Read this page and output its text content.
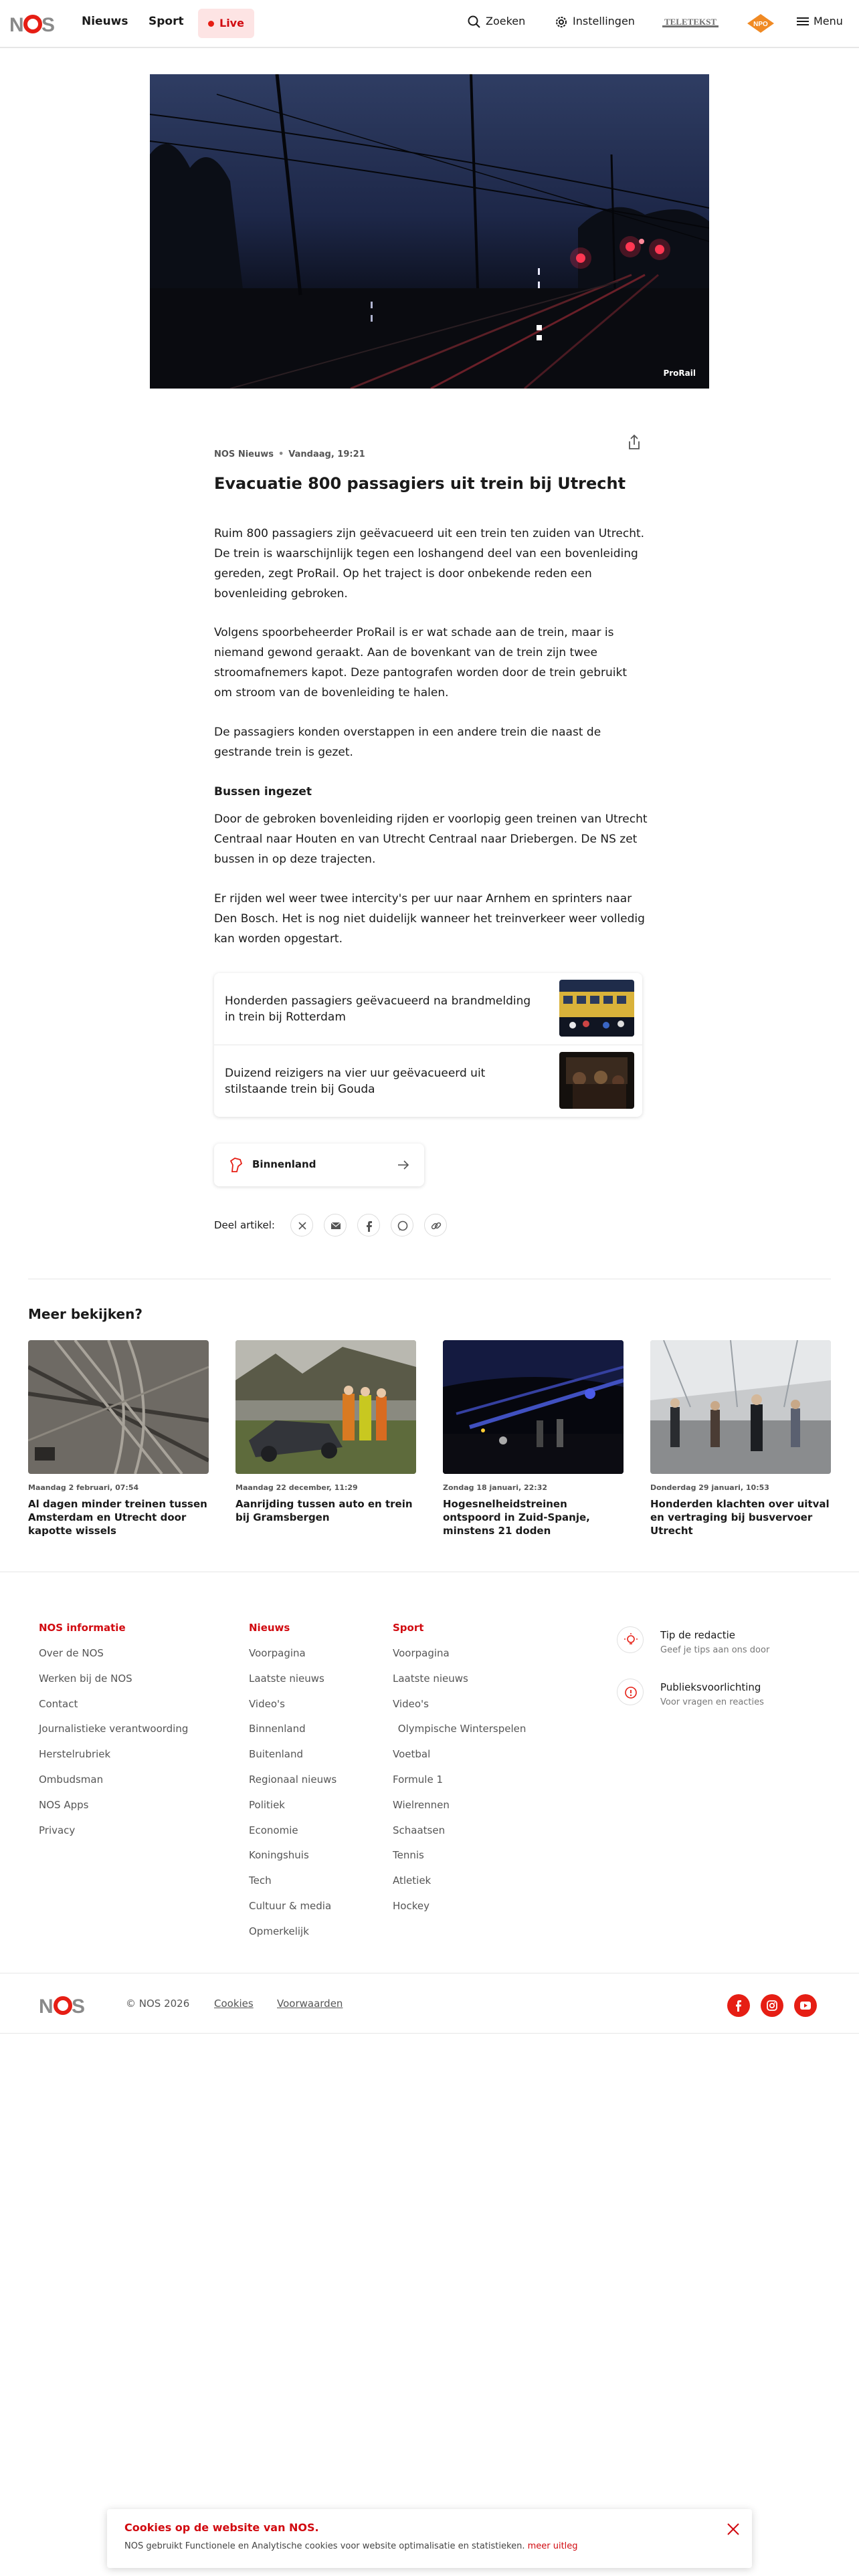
N S Nieuws Sport	Live	Zoeken	Instellingen	TELETEKST	NPO	Menu
ProRail
NOS Nieuws • Vandaag, 19:21
Evacuatie 800 passagiers uit trein bij Utrecht

Ruim 800 passagiers zijn geëvacueerd uit een trein ten zuiden van Utrecht. De trein is waarschijnlijk tegen een loshangend deel van een bovenleiding gereden, zegt ProRail. Op het traject is door onbekende reden een bovenleiding gebroken.

Volgens spoorbeheerder ProRail is er wat schade aan de trein, maar is niemand gewond geraakt. Aan de bovenkant van de trein zijn twee stroomafnemers kapot. Deze pantografen worden door de trein gebruikt om stroom van de bovenleiding te halen.

De passagiers konden overstappen in een andere trein die naast de gestrande trein is gezet.

Bussen ingezet

Door de gebroken bovenleiding rijden er voorlopig geen treinen van Utrecht Centraal naar Houten en van Utrecht Centraal naar Driebergen. De NS zet bussen in op deze trajecten.

Er rijden wel weer twee intercity's per uur naar Arnhem en sprinters naar Den Bosch. Het is nog niet duidelijk wanneer het treinverkeer weer volledig kan worden opgestart.

Honderden passagiers geëvacueerd na brandmelding in trein bij Rotterdam
Duizend reizigers na vier uur geëvacueerd uit stilstaande trein bij Gouda
Binnenland
Deel artikel:
Meer bekijken?
Maandag 2 februari, 07:54
Al dagen minder treinen tussen Amsterdam en Utrecht door kapotte wissels
Maandag 22 december, 11:29
Aanrijding tussen auto en trein bij Gramsbergen
Zondag 18 januari, 22:32
Hogesnelheidstreinen ontspoord in Zuid-Spanje, minstens 21 doden
Donderdag 29 januari, 10:53
Honderden klachten over uitval en vertraging bij busvervoer Utrecht
NOS informatie
Over de NOS
Werken bij de NOS
Contact
Journalistieke verantwoording
Herstelrubriek
Ombudsman
NOS Apps
Privacy
Nieuws
Voorpagina
Laatste nieuws
Video's
Binnenland
Buitenland
Regionaal nieuws
Politiek
Economie
Koningshuis
Tech
Cultuur & media
Opmerkelijk
Sport
Voorpagina
Laatste nieuws
Video's
  Olympische Winterspelen
Voetbal
Formule 1
Wielrennen
Schaatsen
Tennis
Atletiek
Hockey
Tip de redactie
Geef je tips aan ons door
Publieksvoorlichting
Voor vragen en reacties
N S	© NOS 2026 Cookies Voorwaarden
Cookies op de website van NOS.
NOS gebruikt Functionele en Analytische cookies voor website optimalisatie en statistieken. meer uitleg
